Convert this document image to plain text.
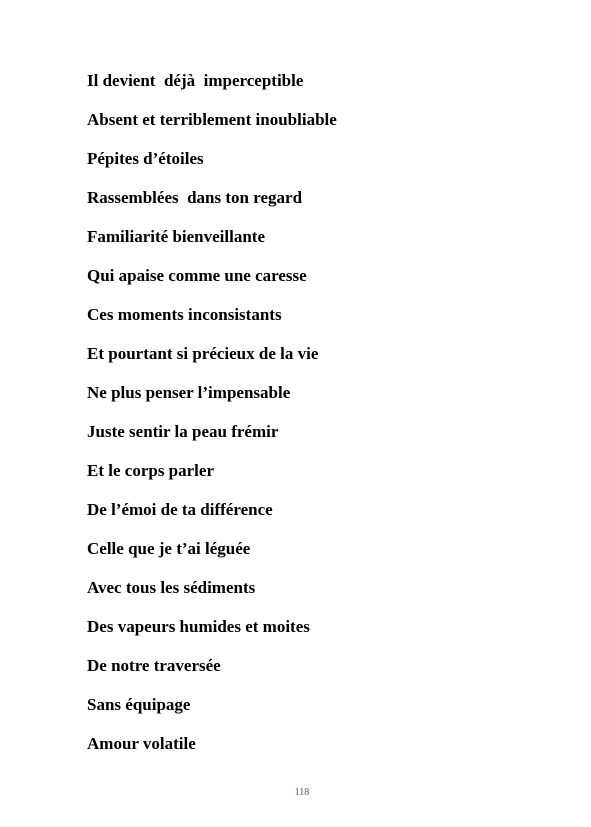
Il devient  déjà  imperceptible
Absent et terriblement inoubliable
Pépites d’étoiles
Rassemblées  dans ton regard
Familiarité bienveillante
Qui apaise comme une caresse
Ces moments inconsistants
Et pourtant si précieux de la vie
Ne plus penser l’impensable
Juste sentir la peau frémir
Et le corps parler
De l’émoi de ta différence
Celle que je t’ai léguée
Avec tous les sédiments
Des vapeurs humides et moites
De notre traversée
Sans équipage
Amour volatile
118
